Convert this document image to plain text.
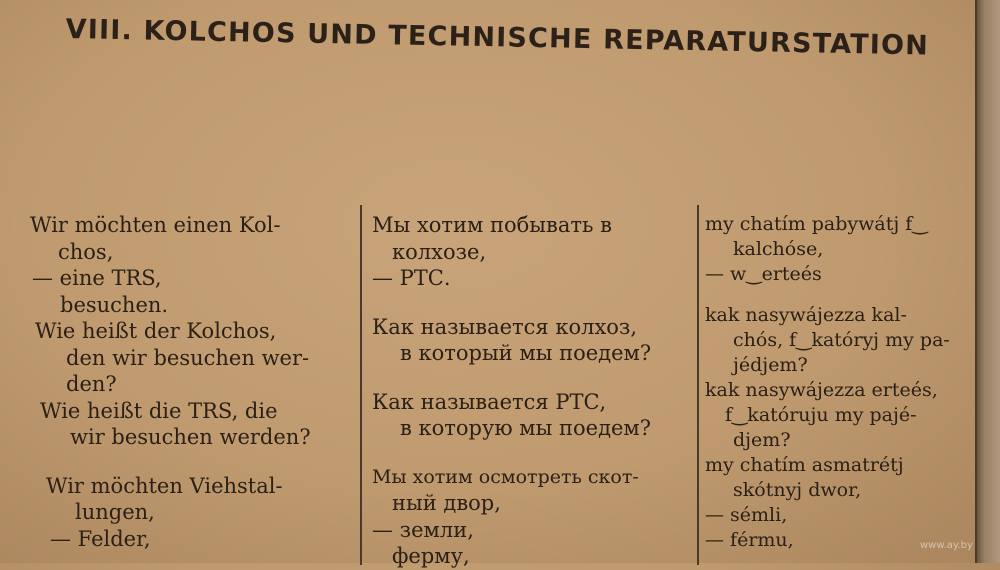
VIII. KOLCHOS UND TECHNISCHE REPARATURSTATION
Wir möchten einen Kol-
chos,
— eine TRS,
besuchen.
Wie heißt der Kolchos,
den wir besuchen wer-
den?
Wie heißt die TRS, die
wir besuchen werden?
Wir möchten Viehstal-
lungen,
— Felder,
Мы хотим побывать в
колхозе,
— РТС.
Как называется колхоз,
в который мы поедем?
Как называется РТС,
в которую мы поедем?
Мы хотим осмотреть скот-
ный двор,
— земли,
ферму,
my chatím pabywátj f‿
kalchóse,
— w‿erteés
kak nasywájezza kal-
chós, f‿katóryj my pa-
jédjem?
kak nasywájezza erteés,
f‿katóruju my pajé-
djem?
my chatím asmatrétj
skótnyj dwor,
— sémli,
— férmu,	www.ay.by
